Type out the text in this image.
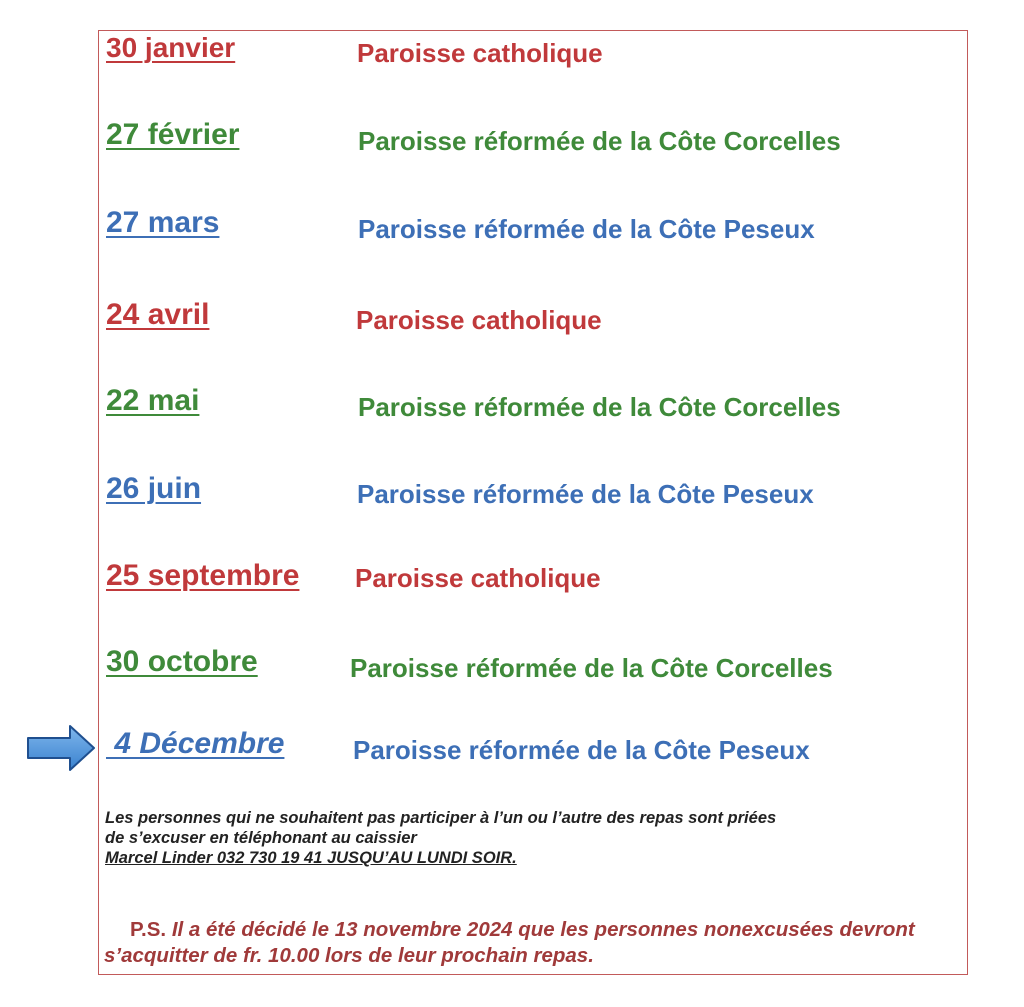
30 janvier	Paroisse catholique
27 février	Paroisse réformée de la Côte Corcelles
27 mars	Paroisse réformée de la Côte Peseux
24 avril	Paroisse catholique
22 mai	Paroisse réformée de la Côte Corcelles
26 juin	Paroisse réformée de la Côte Peseux
25 septembre Paroisse catholique
30 octobre	Paroisse réformée de la Côte Corcelles
4 Décembre	Paroisse réformée de la Côte Peseux
Les personnes qui ne souhaitent pas participer à l’un ou l’autre des repas sont priées
de s’excuser en téléphonant au caissier
Marcel Linder 032 730 19 41 JUSQU’AU LUNDI SOIR.
P.S. Il a été décidé le 13 novembre 2024 que les personnes nonexcusées devront s’acquitter de fr. 10.00 lors de leur prochain repas.
